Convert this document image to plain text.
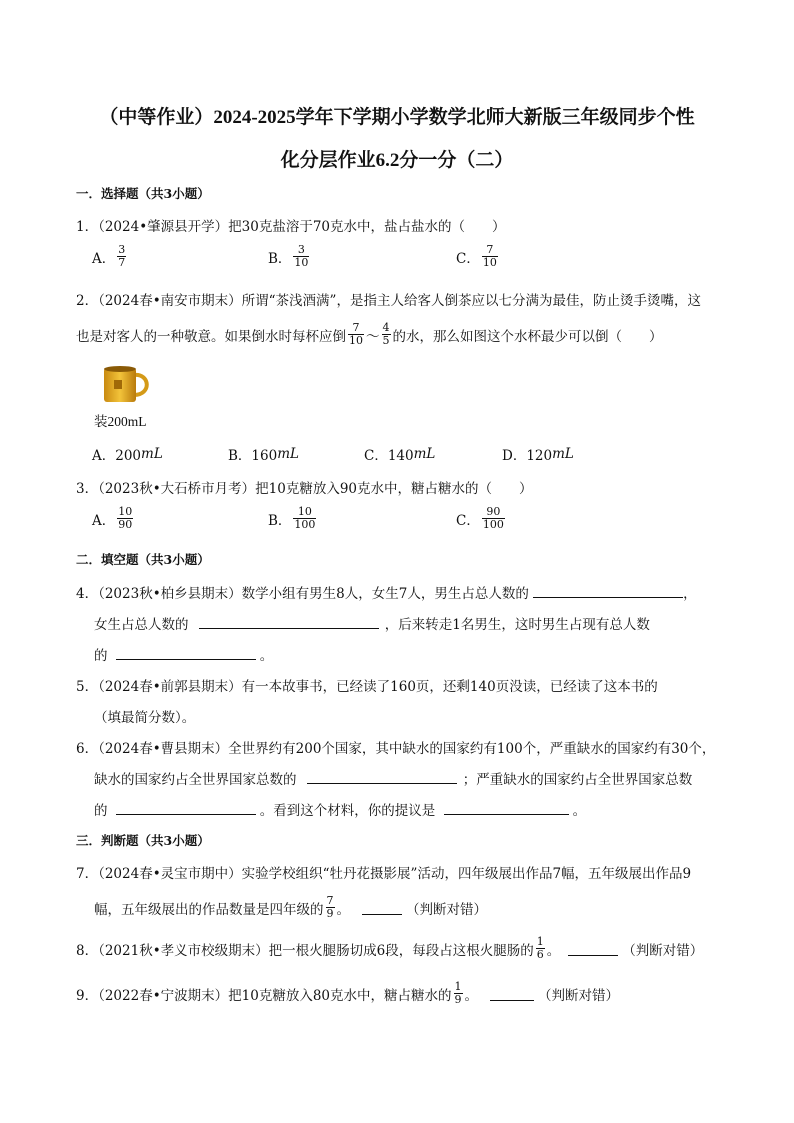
（中等作业）2024-2025学年下学期小学数学北师大新版三年级同步个性
化分层作业6.2分一分（二）
一．选择题（共3小题）
1．（2024•肇源县开学）把30克盐溶于70克水中，盐占盐水的（　　）
A． $\frac{3}{7}$	B． $\frac{3}{10}$	C． $\frac{7}{10}$
2．（2024春•南安市期末）所谓“茶浅酒满”，是指主人给客人倒茶应以七分满为最佳，防止烫手烫嘴，这
也是对客人的一种敬意。如果倒水时每杯应倒 $\frac{7}{10}$ ～ $\frac{4}{5}$ 的水，那么如图这个水杯最少可以倒（　　）
装200mL
A．200 mL	B．160 mL	C．140 mL	D．120 mL
3．（2023秋•大石桥市月考）把10克糖放入90克水中，糖占糖水的（　　）
A． $\frac{10}{90}$	B． $\frac{10}{100}$	C． $\frac{90}{100}$
二．填空题（共3小题）
4．（2023秋•柏乡县期末）数学小组有男生8人，女生7人，男生占总人数的	，
女生占总人数的	，后来转走1名男生，这时男生占现有总人数
的	。
5．（2024春•前郭县期末）有一本故事书，已经读了160页，还剩140页没读，已经读了这本书的
（填最简分数）。
6．（2024春•曹县期末）全世界约有200个国家，其中缺水的国家约有100个，严重缺水的国家约有30个，
缺水的国家约占全世界国家总数的	；严重缺水的国家约占全世界国家总数
的	。看到这个材料，你的提议是	。
三．判断题（共3小题）
7．（2024春•灵宝市期中）实验学校组织“牡丹花摄影展”活动，四年级展出作品7幅，五年级展出作品9
幅，五年级展出的作品数量是四年级的 $\frac{7}{9}$ 。	（判断对错）
8．（2021秋•孝义市校级期末）把一根火腿肠切成6段，每段占这根火腿肠的 $\frac{1}{6}$ 。	（判断对错）
9．（2022春•宁波期末）把10克糖放入80克水中，糖占糖水的 $\frac{1}{9}$ 。	（判断对错）
